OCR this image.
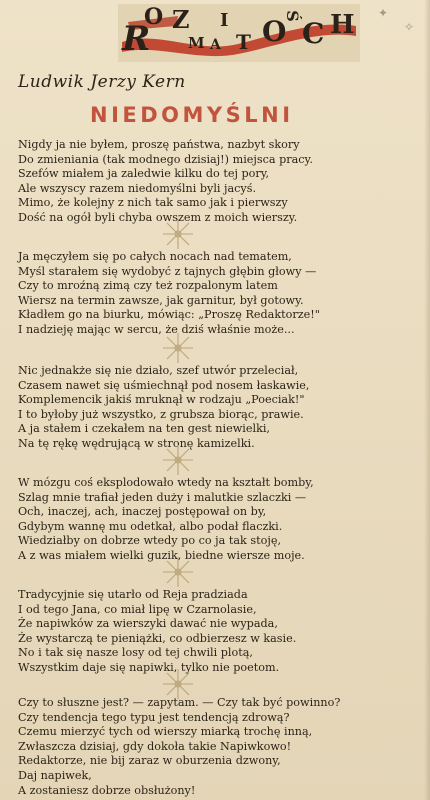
R
O Z
M A
I
T O
Ś
C H ✦
✧
Ludwik Jerzy Kern
NIEDOMYŚLNI
Nigdy ja nie byłem, proszę państwa, nazbyt skory
Do zmieniania (tak modnego dzisiaj!) miejsca pracy.
Szefów miałem ja zaledwie kilku do tej pory,
Ale wszyscy razem niedomyślni byli jacyś.
Mimo, że kolejny z nich tak samo jak i pierwszy
Dość na ogół byli chyba owszem z moich wierszy.
Ja męczyłem się po całych nocach nad tematem,
Myśl starałem się wydobyć z tajnych głębin głowy —
Czy to mroźną zimą czy też rozpalonym latem
Wiersz na termin zawsze, jak garnitur, był gotowy.
Kładłem go na biurku, mówiąc: „Proszę Redaktorze!"
I nadzieję mając w sercu, że dziś właśnie może...
Nic jednakże się nie działo, szef utwór przeleciał,
Czasem nawet się uśmiechnął pod nosem łaskawie,
Komplemencik jakiś mruknął w rodzaju „Poeciak!"
I to byłoby już wszystko, z grubsza biorąc, prawie.
A ja stałem i czekałem na ten gest niewielki,
Na tę rękę wędrującą w stronę kamizelki.
W mózgu coś eksplodowało wtedy na kształt bomby,
Szlag mnie trafiał jeden duży i malutkie szlaczki —
Och, inaczej, ach, inaczej postępował on by,
Gdybym wannę mu odetkał, albo podał flaczki.
Wiedziałby on dobrze wtedy po co ja tak stoję,
A z was miałem wielki guzik, biedne wiersze moje.
Tradycyjnie się utarło od Reja pradziada
I od tego Jana, co miał lipę w Czarnolasie,
Że napiwków za wierszyki dawać nie wypada,
Że wystarczą te pieniążki, co odbierzesz w kasie.
No i tak się nasze losy od tej chwili plotą,
Wszystkim daje się napiwki, tylko nie poetom.
Czy to słuszne jest? — zapytam. — Czy tak być powinno?
Czy tendencja tego typu jest tendencją zdrową?
Czemu mierzyć tych od wierszy miarką trochę inną,
Zwłaszcza dzisiaj, gdy dokoła takie Napiwkowo!
Redaktorze, nie bij zaraz w oburzenia dzwony,
Daj napiwek,
A zostaniesz dobrze obsłużony!
